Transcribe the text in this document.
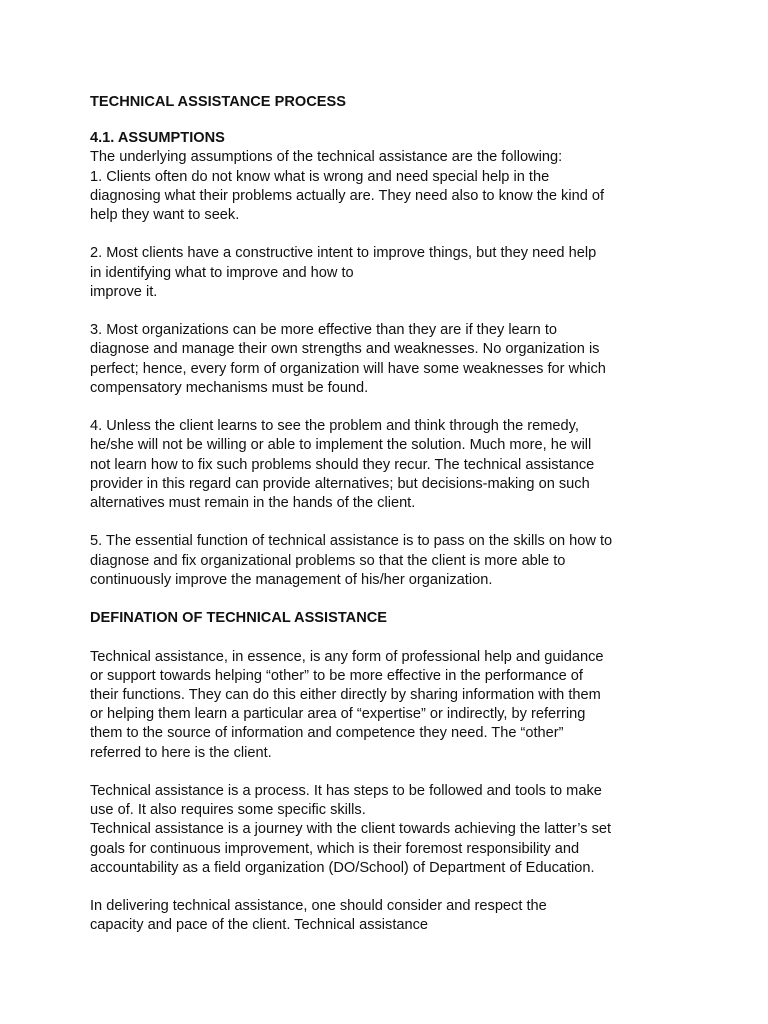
TECHNICAL ASSISTANCE PROCESS

4.1. ASSUMPTIONS

The underlying assumptions of the technical assistance are the following:

1. Clients often do not know what is wrong and need special help in the
diagnosing what their problems actually are. They need also to know the kind of
help they want to seek.

2. Most clients have a constructive intent to improve things, but they need help
in identifying what to improve and how to
improve it.

3. Most organizations can be more effective than they are if they learn to
diagnose and manage their own strengths and weaknesses. No organization is
perfect; hence, every form of organization will have some weaknesses for which
compensatory mechanisms must be found.

4. Unless the client learns to see the problem and think through the remedy,
he/she will not be willing or able to implement the solution. Much more, he will
not learn how to fix such problems should they recur. The technical assistance
provider in this regard can provide alternatives; but decisions-making on such
alternatives must remain in the hands of the client.

5. The essential function of technical assistance is to pass on the skills on how to
diagnose and fix organizational problems so that the client is more able to
continuously improve the management of his/her organization.

DEFINATION OF TECHNICAL ASSISTANCE

Technical assistance, in essence, is any form of professional help and guidance
or support towards helping “other” to be more effective in the performance of
their functions. They can do this either directly by sharing information with them
or helping them learn a particular area of “expertise” or indirectly, by referring
them to the source of information and competence they need. The “other”
referred to here is the client.

Technical assistance is a process. It has steps to be followed and tools to make
use of. It also requires some specific skills.

Technical assistance is a journey with the client towards achieving the latter’s set
goals for continuous improvement, which is their foremost responsibility and
accountability as a field organization (DO/School) of Department of Education.

In delivering technical assistance, one should consider and respect the
capacity and pace of the client. Technical assistance
